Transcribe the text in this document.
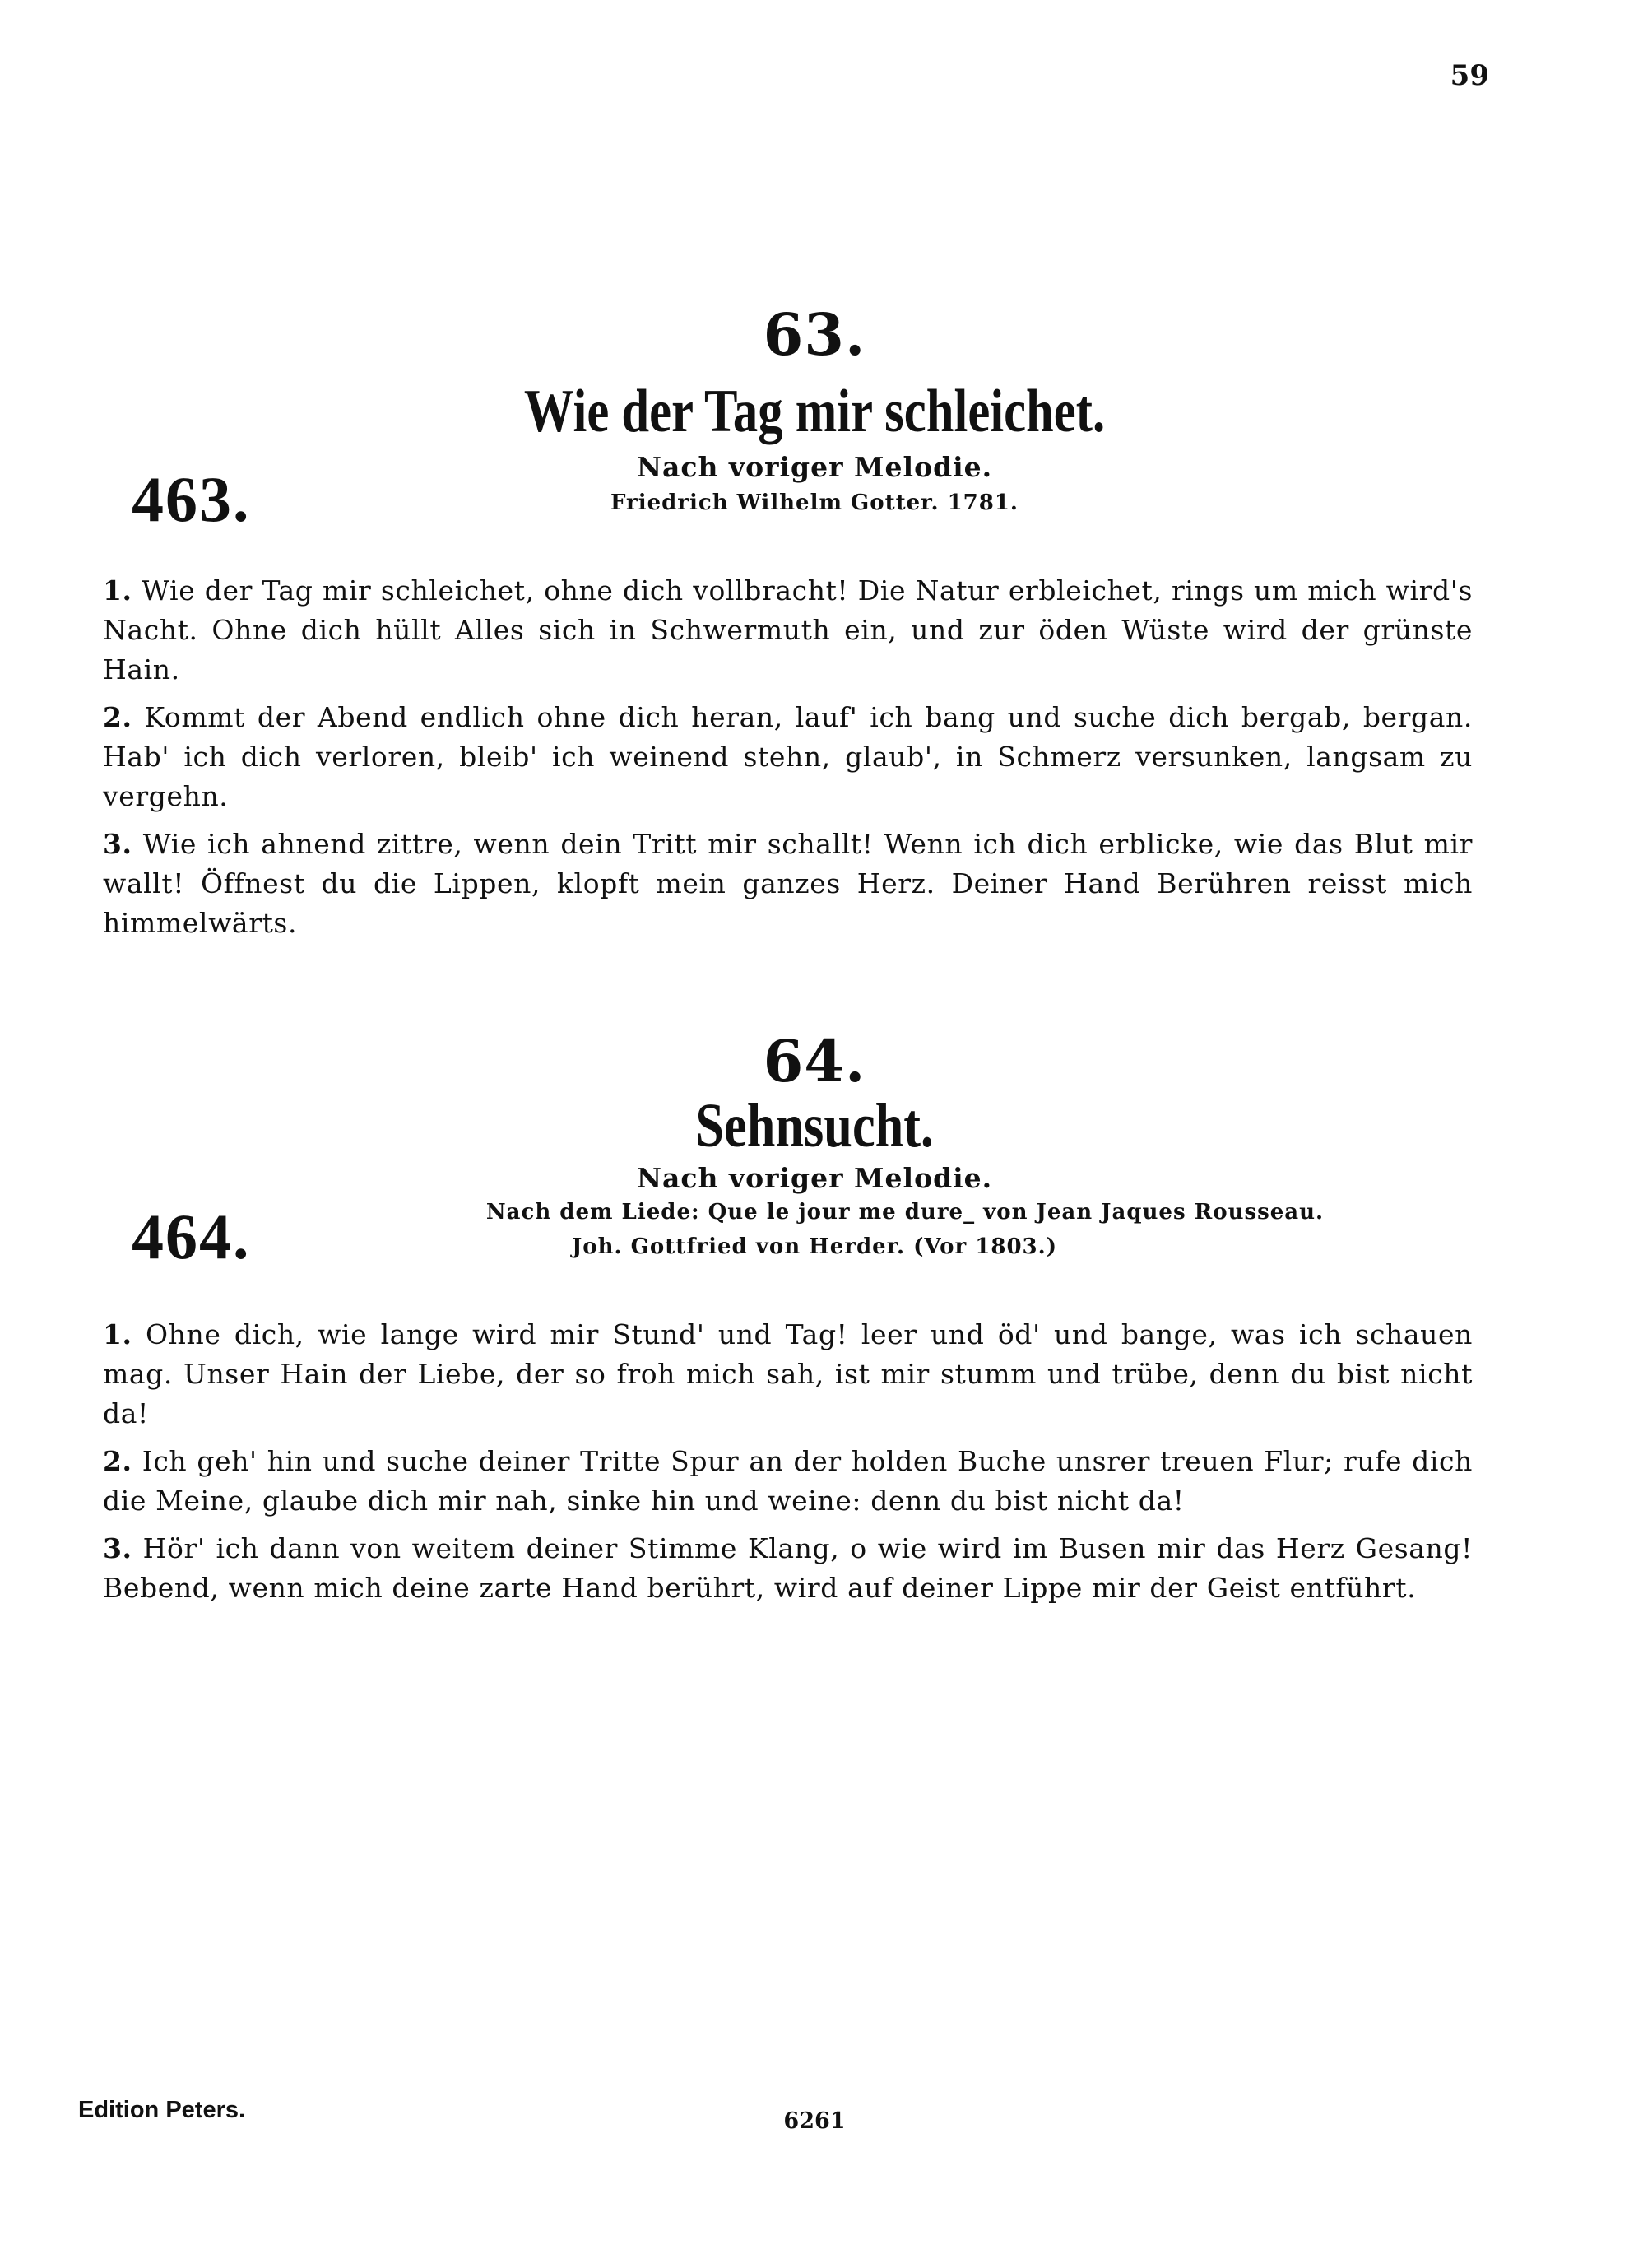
59
63.
Wie der Tag mir schleichet.
Nach voriger Melodie.
Friedrich Wilhelm Gotter. 1781.
463.

1. Wie der Tag mir schleichet, ohne dich vollbracht! Die Natur erbleichet, rings um mich wird's Nacht. Ohne dich hüllt Alles sich in Schwermuth ein, und zur öden Wüste wird der grünste Hain.

2. Kommt der Abend endlich ohne dich heran, lauf' ich bang und suche dich bergab, bergan. Hab' ich dich verloren, bleib' ich weinend stehn, glaub', in Schmerz versunken, langsam zu vergehn.

3. Wie ich ahnend zittre, wenn dein Tritt mir schallt! Wenn ich dich erblicke, wie das Blut mir wallt! Öffnest du die Lippen, klopft mein ganzes Herz. Deiner Hand Berühren reisst mich himmelwärts.

64.
Sehnsucht.
Nach voriger Melodie.
Nach dem Liede: Que le jour me dure_ von Jean Jaques Rousseau.
Joh. Gottfried von Herder. (Vor 1803.)
464.

1. Ohne dich, wie lange wird mir Stund' und Tag! leer und öd' und bange, was ich schauen mag. Unser Hain der Liebe, der so froh mich sah, ist mir stumm und trübe, denn du bist nicht da!

2. Ich geh' hin und suche deiner Tritte Spur an der holden Buche unsrer treuen Flur; rufe dich die Meine, glaube dich mir nah, sinke hin und weine: denn du bist nicht da!

3. Hör' ich dann von weitem deiner Stimme Klang, o wie wird im Busen mir das Herz Gesang! Bebend, wenn mich deine zarte Hand berührt, wird auf deiner Lippe mir der Geist entführt.

Edition Peters.	6261
